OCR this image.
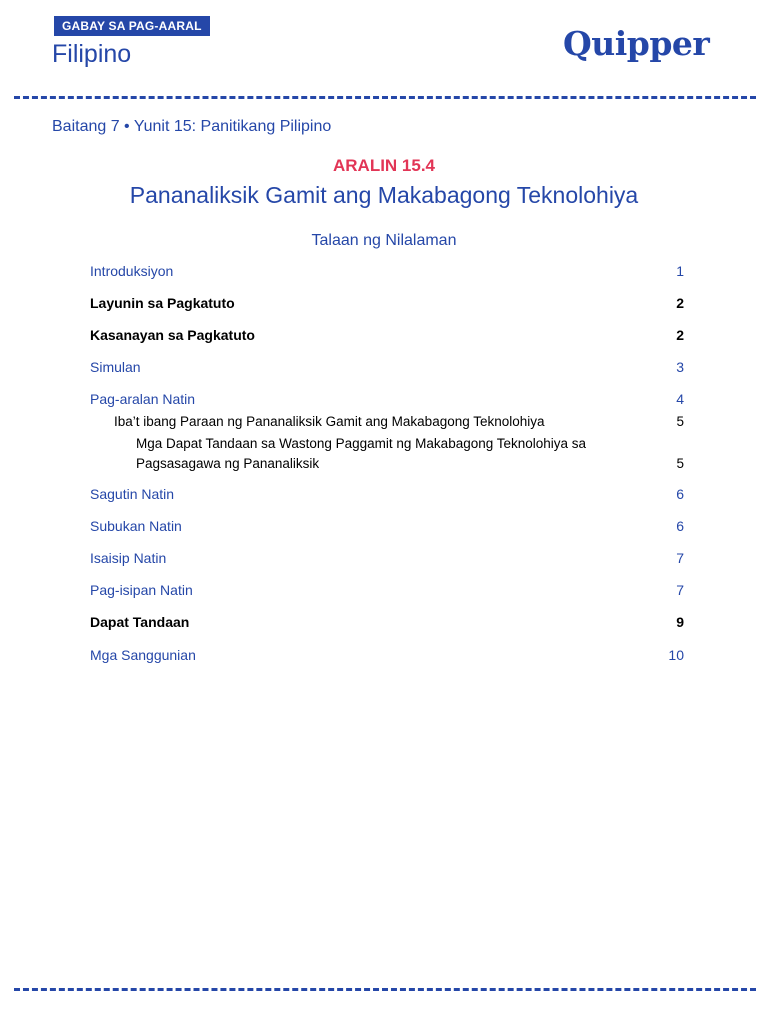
GABAY SA PAG-AARAL
Filipino	Quipper
Baitang 7 • Yunit 15: Panitikang Pilipino
ARALIN 15.4
Pananaliksik Gamit ang Makabagong Teknolohiya
Talaan ng Nilalaman
Introduksiyon	1
Layunin sa Pagkatuto	2
Kasanayan sa Pagkatuto	2
Simulan	3
Pag-aralan Natin	4
Iba’t ibang Paraan ng Pananaliksik Gamit ang Makabagong Teknolohiya	5
Mga Dapat Tandaan sa Wastong Paggamit ng Makabagong Teknolohiya sa
Pagsasagawa ng Pananaliksik	5
Sagutin Natin	6
Subukan Natin	6
Isaisip Natin	7
Pag-isipan Natin	7
Dapat Tandaan	9
Mga Sanggunian	10
